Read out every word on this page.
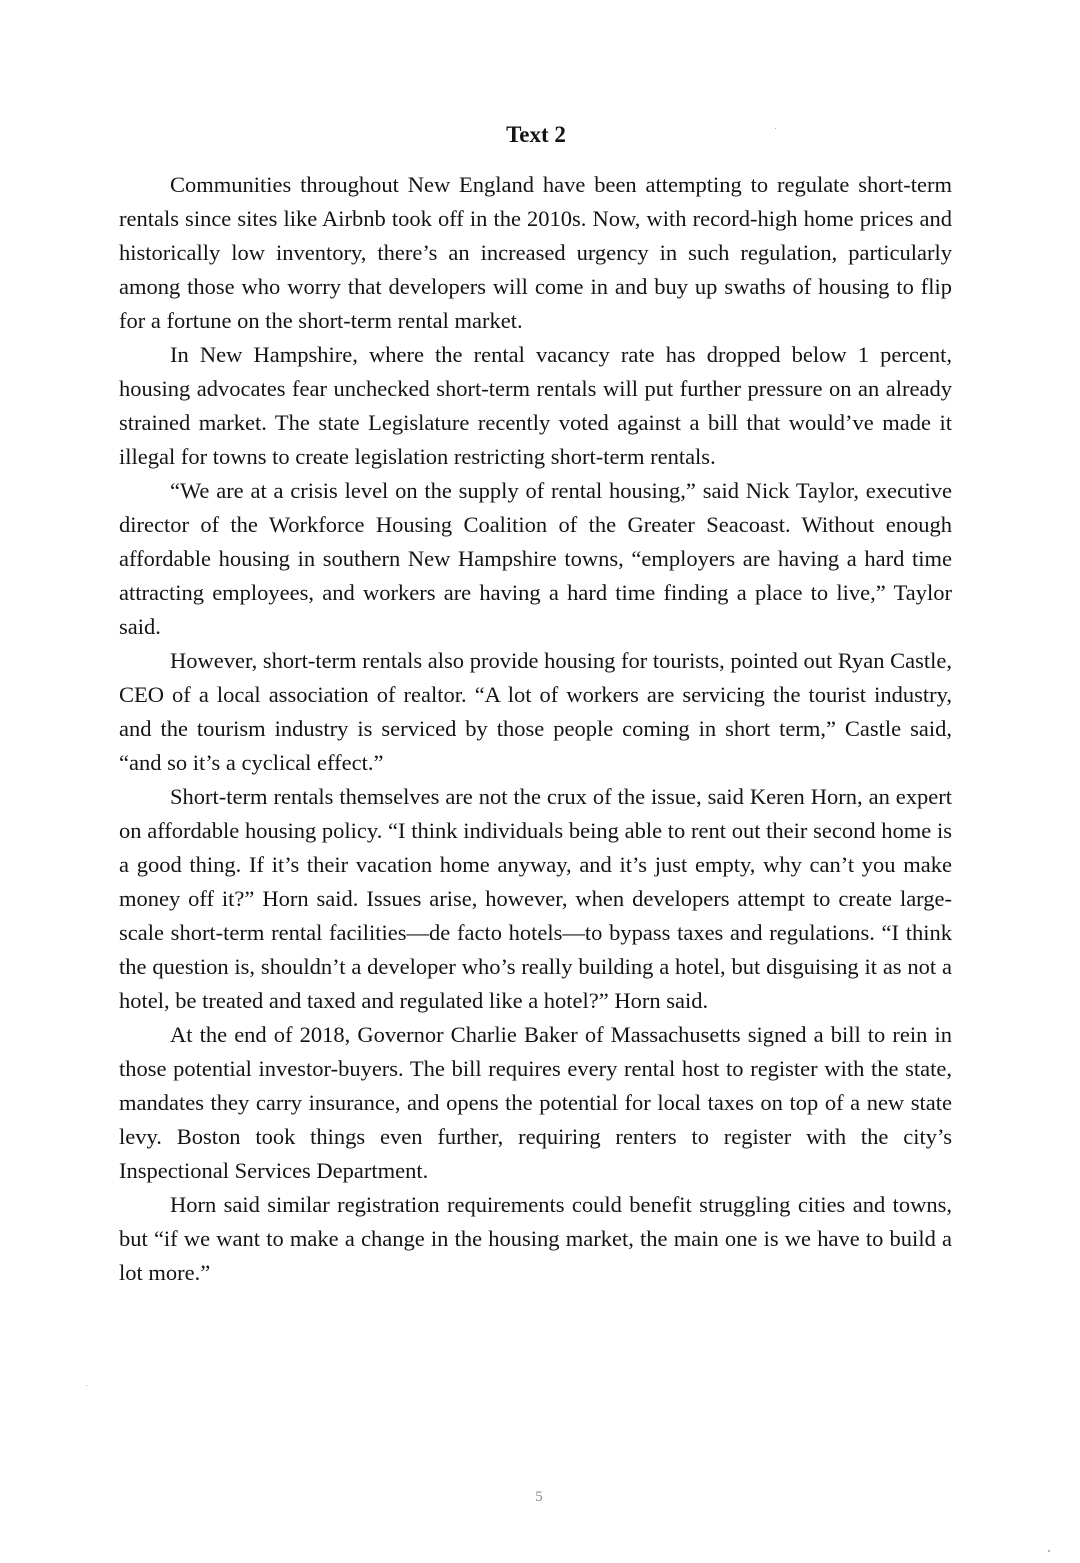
Text 2

Communities throughout New England have been attempting to regulate short-term rentals since sites like Airbnb took off in the 2010s. Now, with record-high home prices and historically low inventory, there’s an increased urgency in such regulation, particularly among those who worry that developers will come in and buy up swaths of housing to flip for a fortune on the short-term rental market.

In New Hampshire, where the rental vacancy rate has dropped below 1 percent, housing advocates fear unchecked short-term rentals will put further pressure on an already strained market. The state Legislature recently voted against a bill that would’ve made it illegal for towns to create legislation restricting short-term rentals.

“We are at a crisis level on the supply of rental housing,” said Nick Taylor, executive director of the Workforce Housing Coalition of the Greater Seacoast. Without enough affordable housing in southern New Hampshire towns, “employers are having a hard time attracting employees, and workers are having a hard time finding a place to live,” Taylor said.

However, short-term rentals also provide housing for tourists, pointed out Ryan Castle, CEO of a local association of realtor. “A lot of workers are servicing the tourist industry, and the tourism industry is serviced by those people coming in short term,” Castle said, “and so it’s a cyclical effect.”

Short-term rentals themselves are not the crux of the issue, said Keren Horn, an expert on affordable housing policy. “I think individuals being able to rent out their second home is a good thing. If it’s their vacation home anyway, and it’s just empty, why can’t you make money off it?” Horn said. Issues arise, however, when developers attempt to create large-scale short-term rental facilities—de facto hotels—to bypass taxes and regulations. “I think the question is, shouldn’t a developer who’s really building a hotel, but disguising it as not a hotel, be treated and taxed and regulated like a hotel?” Horn said.

At the end of 2018, Governor Charlie Baker of Massachusetts signed a bill to rein in those potential investor-buyers. The bill requires every rental host to register with the state, mandates they carry insurance, and opens the potential for local taxes on top of a new state levy. Boston took things even further, requiring renters to register with the city’s Inspectional Services Department.

Horn said similar registration requirements could benefit struggling cities and towns, but “if we want to make a change in the housing market, the main one is we have to build a lot more.”

5
